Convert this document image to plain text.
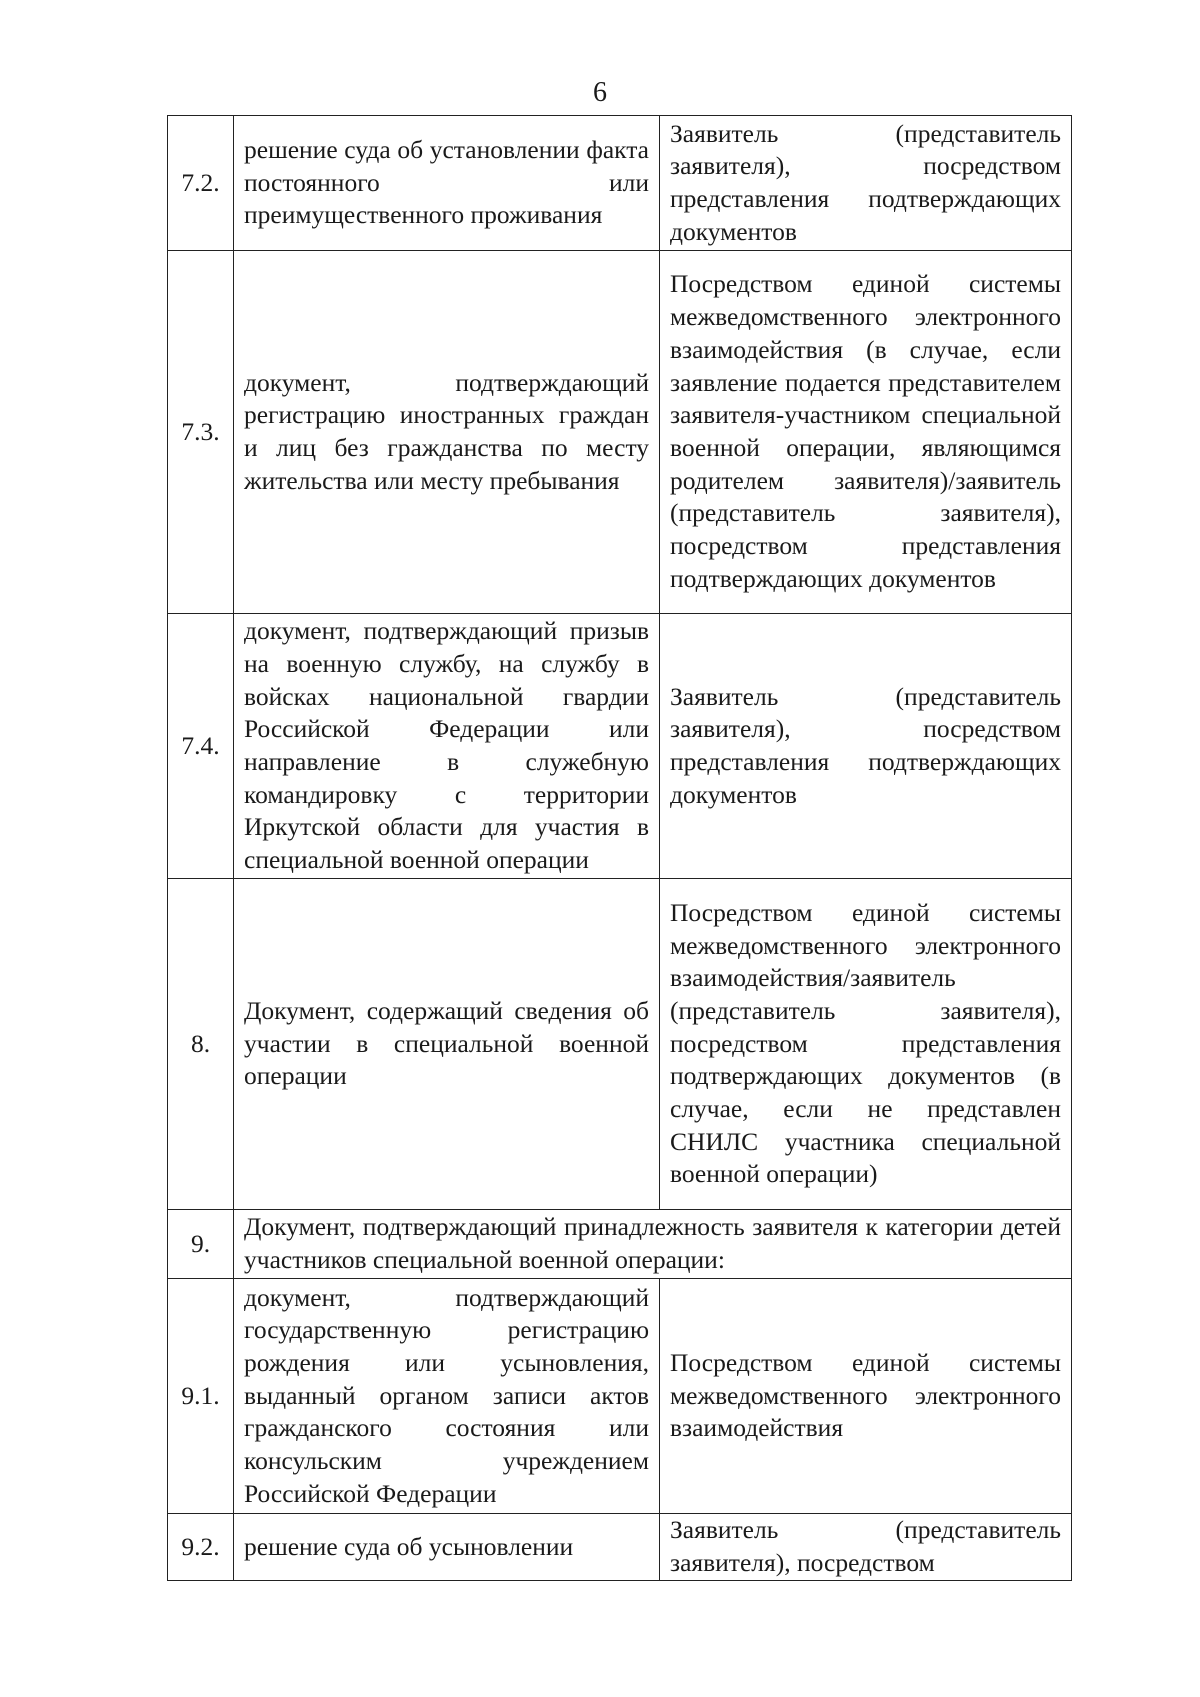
6
7.2.	решение суда об установлении факта постоянного или преимущественного проживания	Заявитель (представитель заявителя), посредством представления подтверждающих документов
7.3.	документ, подтверждающий регистрацию иностранных граждан и лиц без гражданства по месту жительства или месту пребывания	Посредством единой системы межведомственного электронного взаимодействия (в случае, если заявление подается представителем заявителя-участником специальной военной операции, являющимся родителем заявителя)/заявитель (представитель заявителя), посредством представления подтверждающих документов
7.4.	документ, подтверждающий призыв на военную службу, на службу в войсках национальной гвардии Российской Федерации или направление в служебную командировку с территории Иркутской области для участия в специальной военной операции	Заявитель (представитель заявителя), посредством представления подтверждающих документов
8.	Документ, содержащий сведения об участии в специальной военной операции	Посредством единой системы межведомственного электронного взаимодействия/заявитель (представитель заявителя), посредством представления подтверждающих документов (в случае, если не представлен СНИЛС участника специальной военной операции)
9.	Документ, подтверждающий принадлежность заявителя к категории детей участников специальной военной операции:	
9.1.	документ, подтверждающий государственную регистрацию рождения или усыновления, выданный органом записи актов гражданского состояния или консульским учреждением Российской Федерации	Посредством единой системы межведомственного электронного взаимодействия
9.2.	решение суда об усыновлении	Заявитель (представитель заявителя), посредством
